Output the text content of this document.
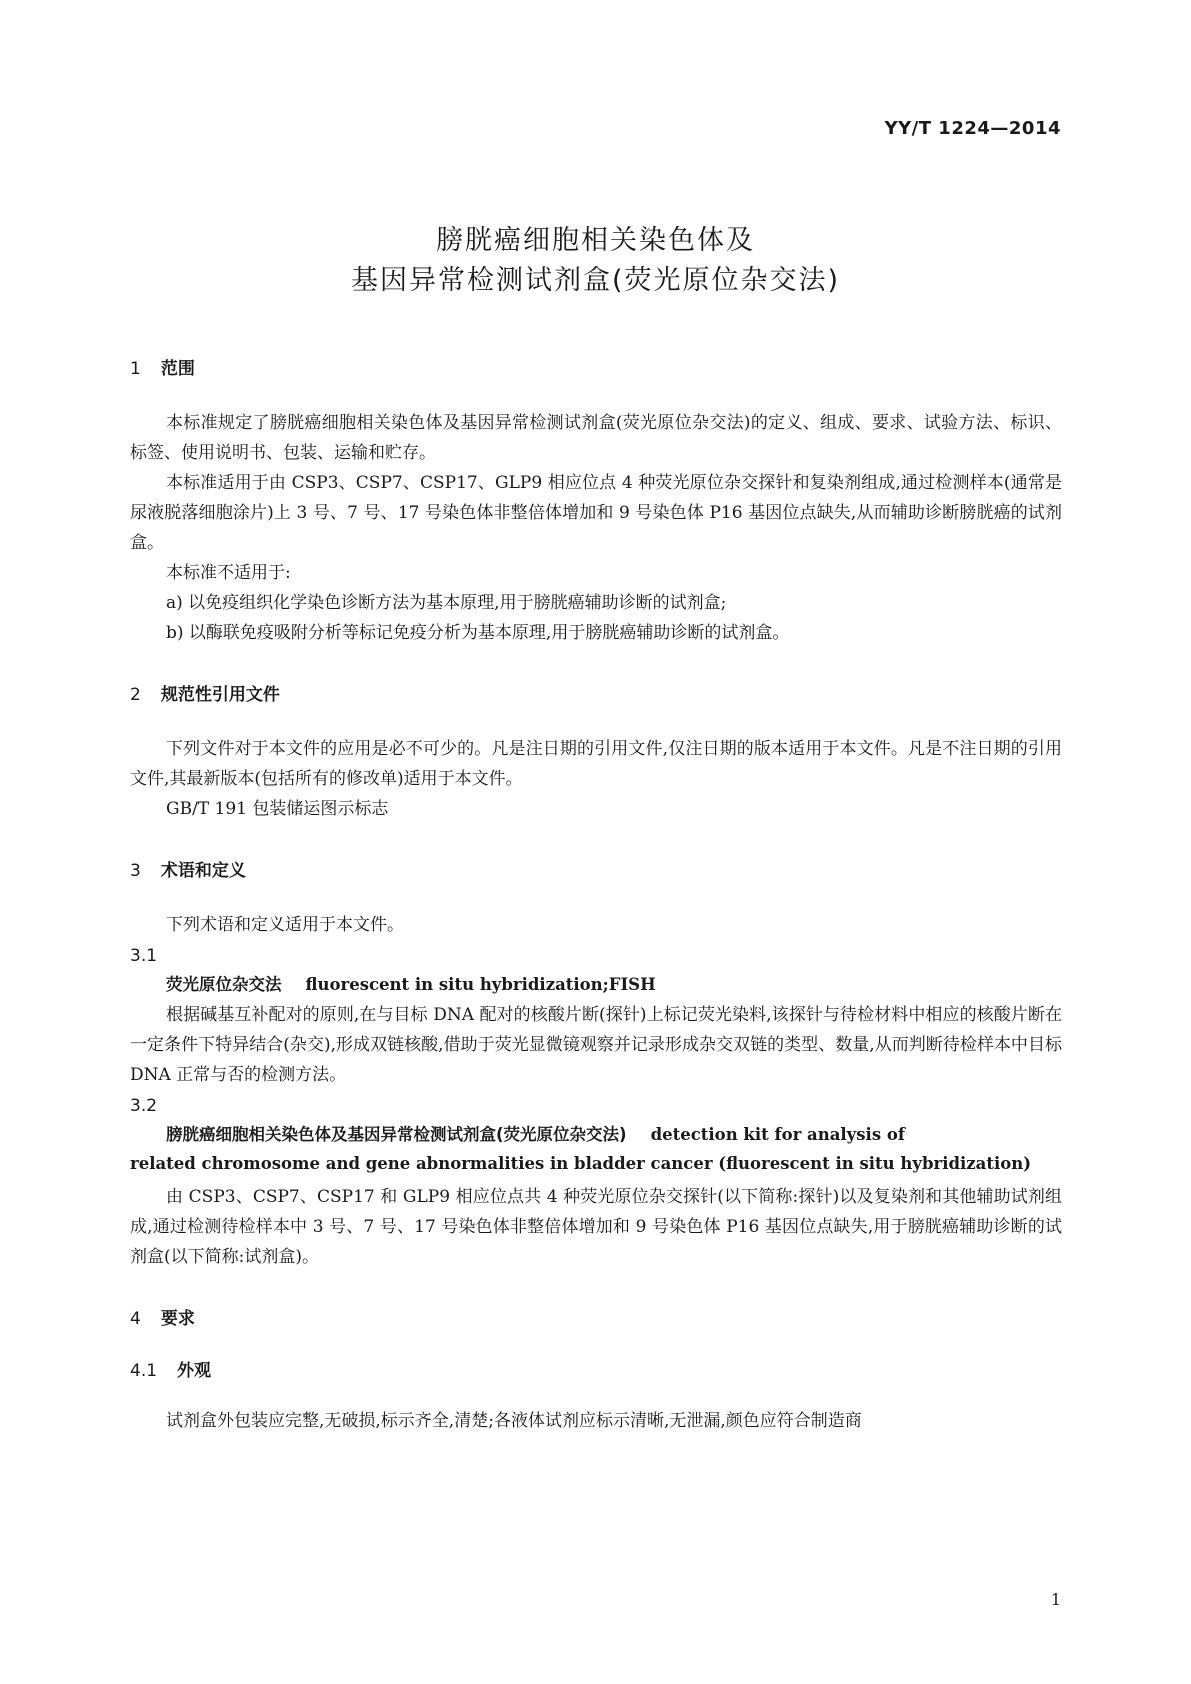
YY/T 1224—2014
膀胱癌细胞相关染色体及
基因异常检测试剂盒(荧光原位杂交法)
1 范围
本标准规定了膀胱癌细胞相关染色体及基因异常检测试剂盒(荧光原位杂交法)的定义、组成、要求、试验方法、标识、标签、使用说明书、包装、运输和贮存。
本标准适用于由 CSP3、CSP7、CSP17、GLP9 相应位点 4 种荧光原位杂交探针和复染剂组成,通过检测样本(通常是尿液脱落细胞涂片)上 3 号、7 号、17 号染色体非整倍体增加和 9 号染色体 P16 基因位点缺失,从而辅助诊断膀胱癌的试剂盒。
本标准不适用于:
a) 以免疫组织化学染色诊断方法为基本原理,用于膀胱癌辅助诊断的试剂盒;
b) 以酶联免疫吸附分析等标记免疫分析为基本原理,用于膀胱癌辅助诊断的试剂盒。
2 规范性引用文件
下列文件对于本文件的应用是必不可少的。凡是注日期的引用文件,仅注日期的版本适用于本文件。凡是不注日期的引用文件,其最新版本(包括所有的修改单)适用于本文件。
GB/T 191 包装储运图示标志
3 术语和定义
下列术语和定义适用于本文件。
3.1
荧光原位杂交法 fluorescent in situ hybridization;FISH
根据碱基互补配对的原则,在与目标 DNA 配对的核酸片断(探针)上标记荧光染料,该探针与待检材料中相应的核酸片断在一定条件下特异结合(杂交),形成双链核酸,借助于荧光显微镜观察并记录形成杂交双链的类型、数量,从而判断待检样本中目标 DNA 正常与否的检测方法。
3.2
膀胱癌细胞相关染色体及基因异常检测试剂盒(荧光原位杂交法) detection kit for analysis of
related chromosome and gene abnormalities in bladder cancer (fluorescent in situ hybridization)
由 CSP3、CSP7、CSP17 和 GLP9 相应位点共 4 种荧光原位杂交探针(以下简称:探针)以及复染剂和其他辅助试剂组成,通过检测待检样本中 3 号、7 号、17 号染色体非整倍体增加和 9 号染色体 P16 基因位点缺失,用于膀胱癌辅助诊断的试剂盒(以下简称:试剂盒)。
4 要求
4.1 外观
试剂盒外包装应完整,无破损,标示齐全,清楚;各液体试剂应标示清晰,无泄漏,颜色应符合制造商
1
